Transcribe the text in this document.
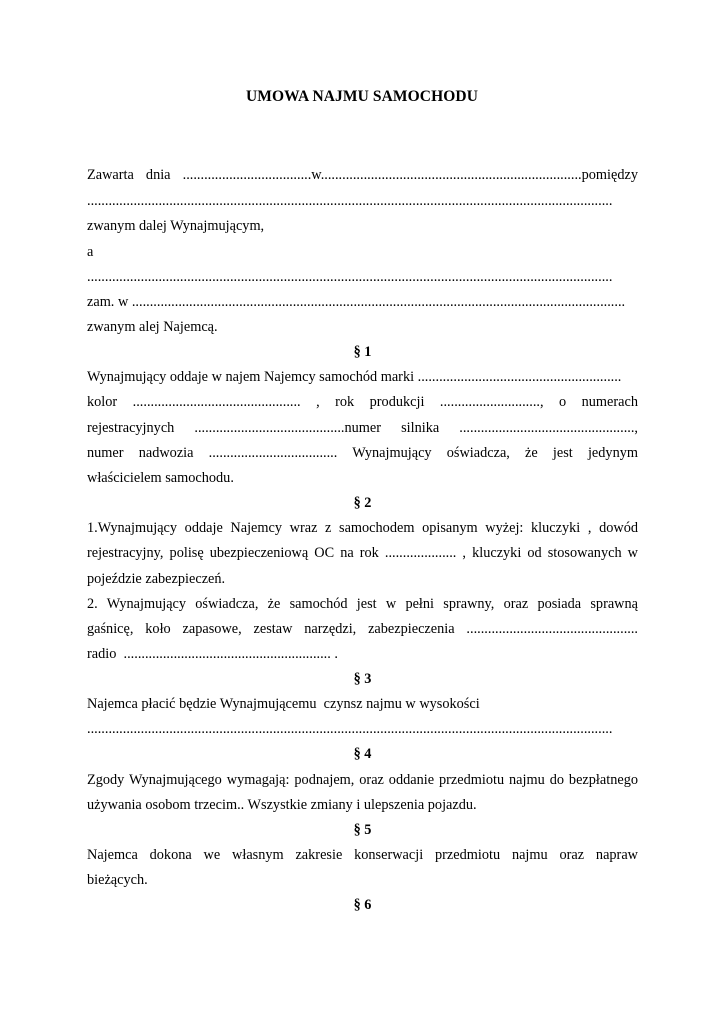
UMOWA NAJMU SAMOCHODU
Zawarta dnia ....................................w.........................................................................pomiędzy
...................................................................................................................................................
zwanym dalej Wynajmującym,
a
...................................................................................................................................................
zam. w ..........................................................................................................................................
zwanym alej Najemcą.
§ 1
Wynajmujący oddaje w najem Najemcy samochód marki .........................................................
kolor ............................................... , rok produkcji ............................, o numerach
rejestracyjnych ..........................................numer silnika .................................................,
numer nadwozia .................................... Wynajmujący oświadcza, że jest jedynym
właścicielem samochodu.
§ 2
1.Wynajmujący oddaje Najemcy wraz z samochodem opisanym wyżej: kluczyki , dowód
rejestracyjny, polisę ubezpieczeniową OC na rok .................... , kluczyki od stosowanych w
pojeździe zabezpieczeń.
2. Wynajmujący oświadcza, że samochód jest w pełni sprawny, oraz posiada sprawną
gaśnicę, koło zapasowe, zestaw narzędzi, zabezpieczenia ................................................
radio  .......................................................... .
§ 3
Najemca płacić będzie Wynajmującemu  czynsz najmu w wysokości
...................................................................................................................................................
§ 4
Zgody Wynajmującego wymagają: podnajem, oraz oddanie przedmiotu najmu do bezpłatnego
używania osobom trzecim.. Wszystkie zmiany i ulepszenia pojazdu.
§ 5
Najemca dokona we własnym zakresie konserwacji przedmiotu najmu oraz napraw
bieżących.
§ 6
